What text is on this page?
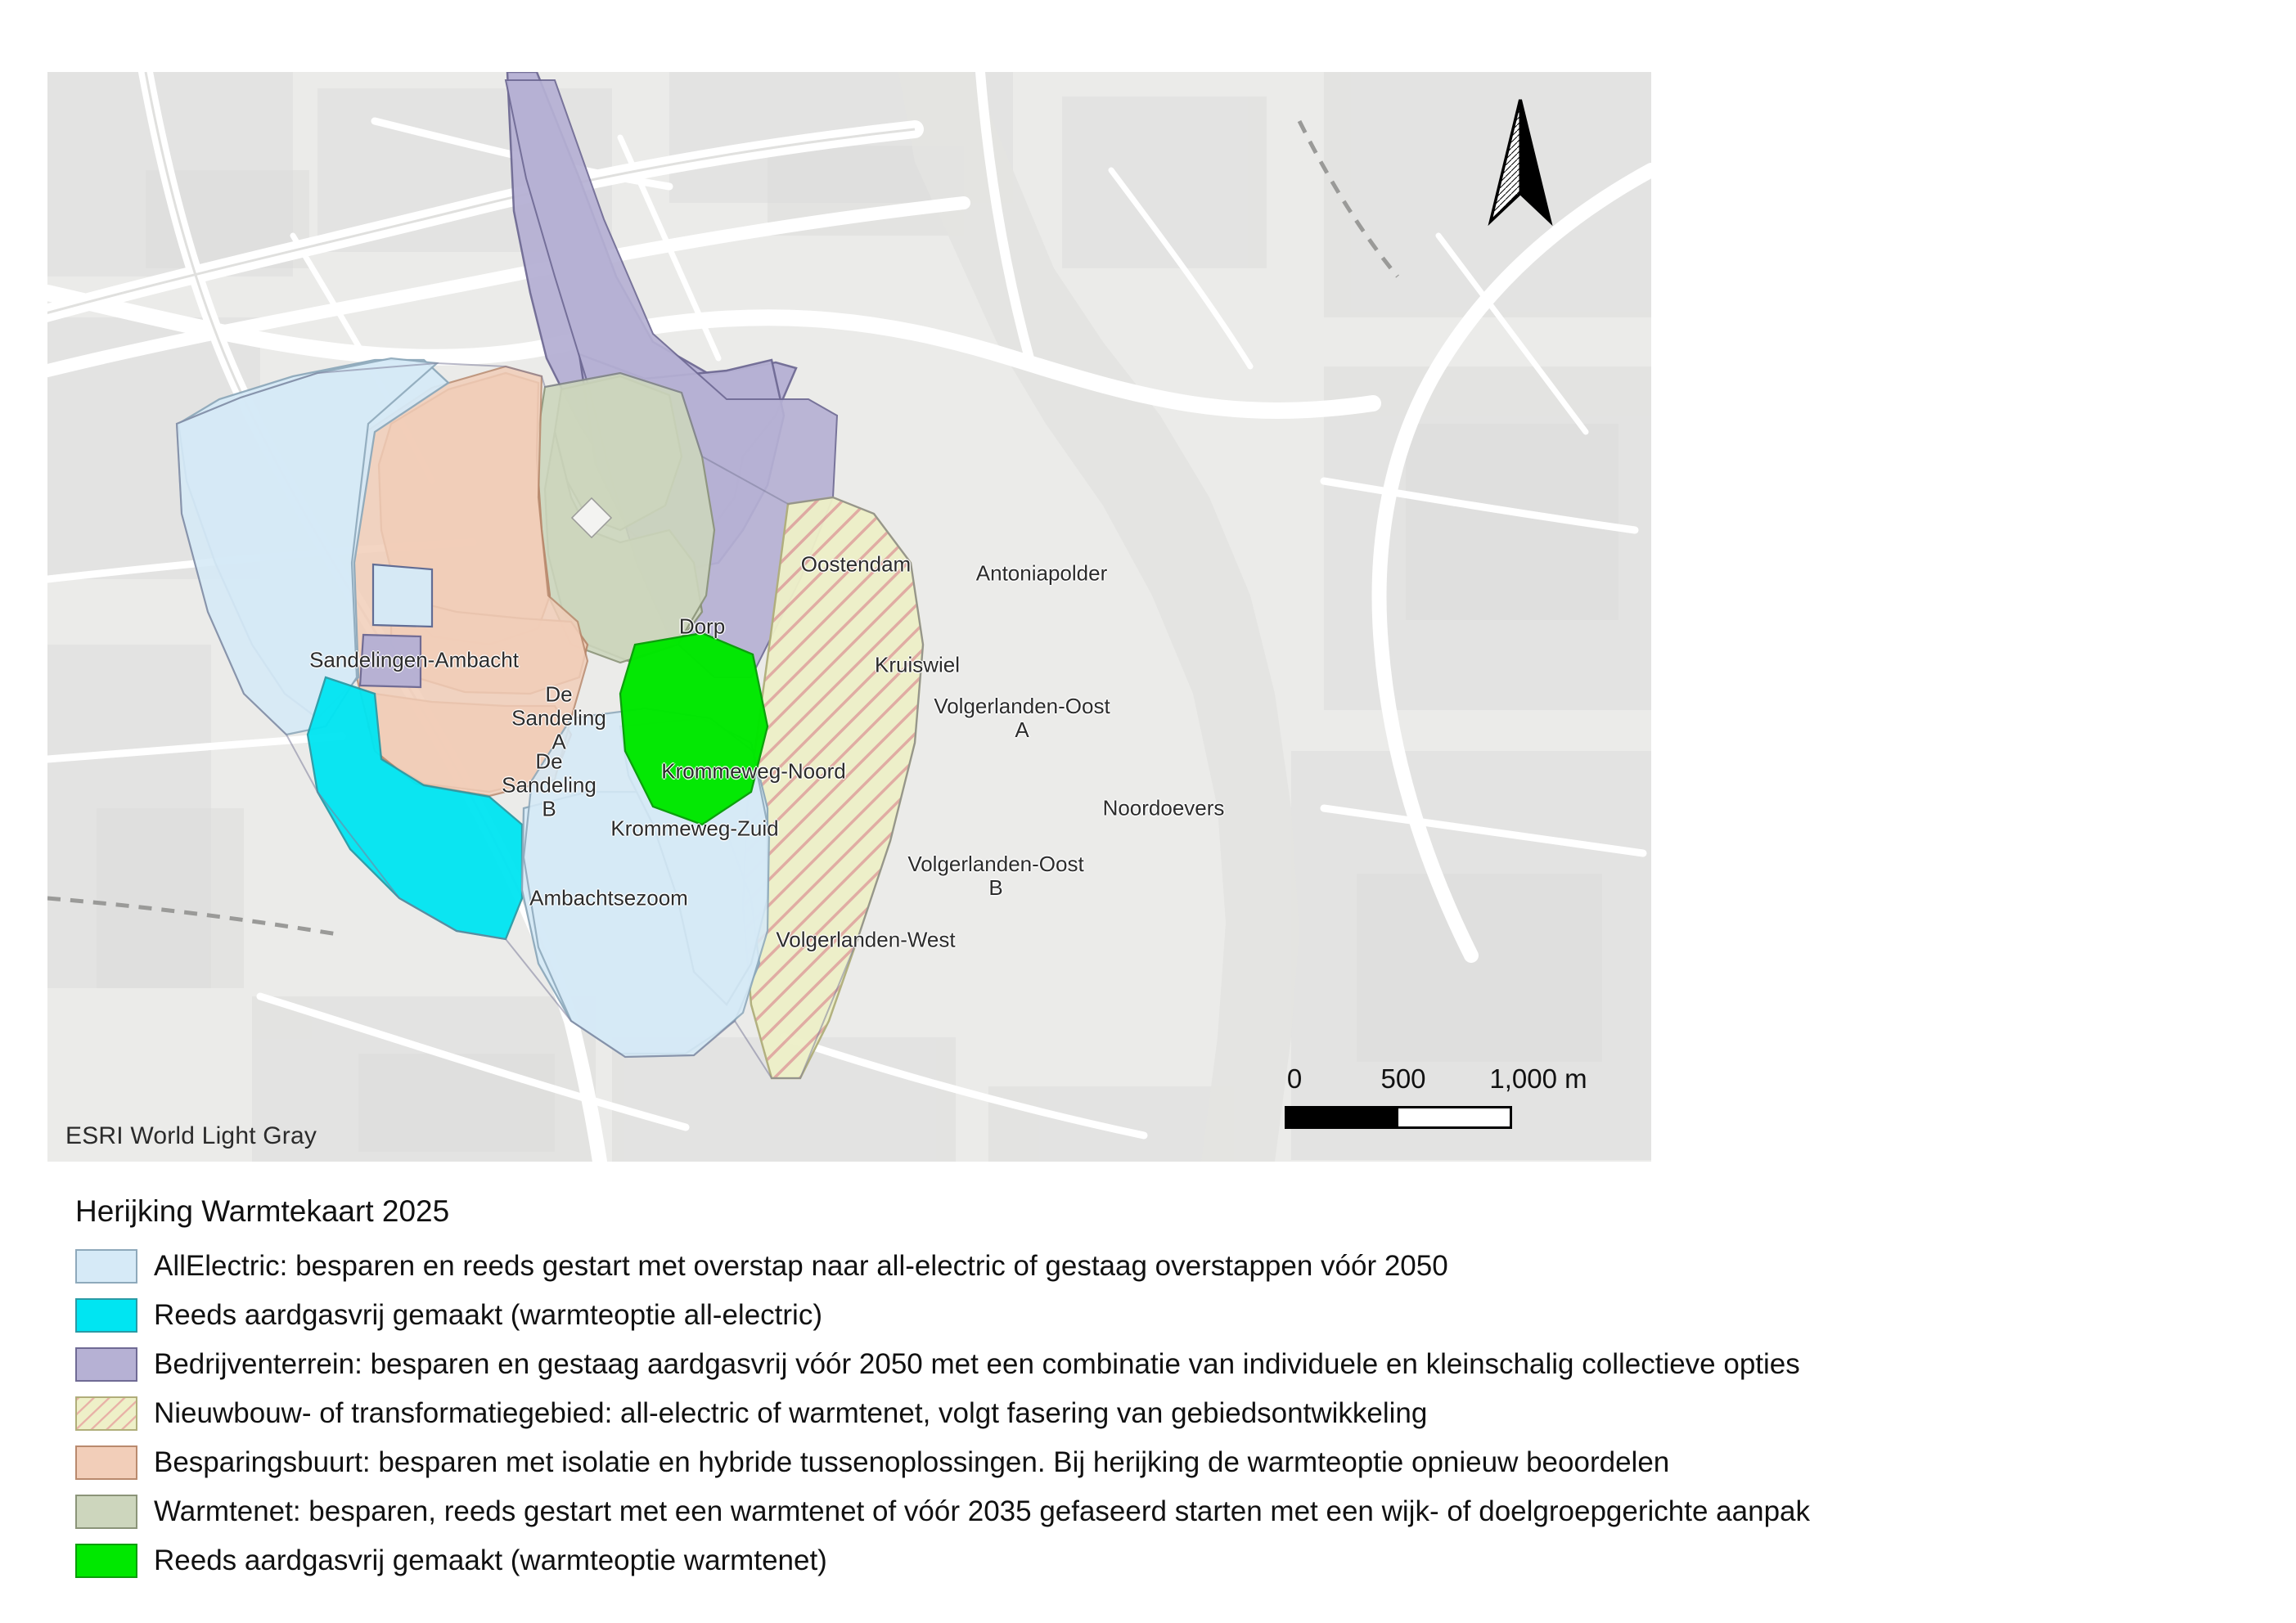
Sandelingen-Ambacht
Dorp
Oostendam	Antoniapolder
Kruiswiel
De
Sandeling
A
De
Sandeling
B
Krommeweg-Noord
Krommeweg-Zuid
Volgerlanden-Oost
A
Noordoevers
Ambachtsezoom
Volgerlanden-Oost
B
Volgerlanden-West
0	500 1,000 m
ESRI World Light Gray
Herijking Warmtekaart 2025
AllElectric: besparen en reeds gestart met overstap naar all-electric of gestaag overstappen vóór 2050
Reeds aardgasvrij gemaakt (warmteoptie all-electric)
Bedrijventerrein: besparen en gestaag aardgasvrij vóór 2050 met een combinatie van individuele en kleinschalig collectieve opties
Nieuwbouw- of transformatiegebied: all-electric of warmtenet, volgt fasering van gebiedsontwikkeling
Besparingsbuurt: besparen met isolatie en hybride tussenoplossingen. Bij herijking de warmteoptie opnieuw beoordelen
Warmtenet: besparen, reeds gestart met een warmtenet of vóór 2035 gefaseerd starten met een wijk- of doelgroepgerichte aanpak
Reeds aardgasvrij gemaakt (warmteoptie warmtenet)
